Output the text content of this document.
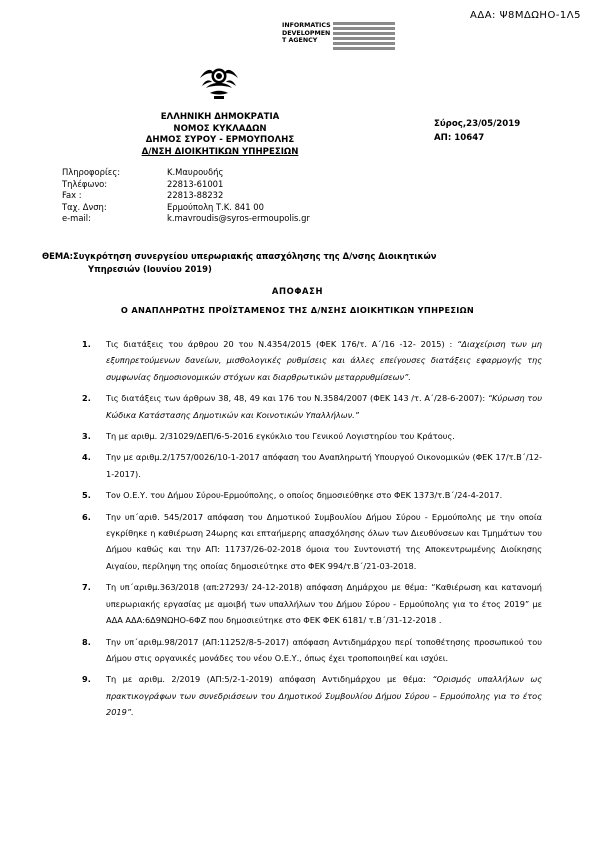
ΑΔΑ: Ψ8ΜΔΩΗΟ-1Λ5
INFORMATICS
DEVELOPMEN
T AGENCY
ΕΛΛΗΝΙΚΗ ΔΗΜΟΚΡΑΤΙΑ
ΝΟΜΟΣ ΚΥΚΛΑΔΩΝ
ΔΗΜΟΣ ΣΥΡΟΥ - ΕΡΜΟΥΠΟΛΗΣ
Δ/ΝΣΗ ΔΙΟΙΚΗΤΙΚΩΝ ΥΠΗΡΕΣΙΩΝ
Σύρος,23/05/2019
ΑΠ: 10647
Πληροφορίες:	Κ.Μαυρουδής
Τηλέφωνο:	22813-61001
Fax :	22813-88232
Ταχ. Δνση:	Ερμούπολη Τ.Κ. 841 00
e-mail:	k.mavroudis@syros-ermoupolis.gr
ΘΕΜΑ:Συγκρότηση συνεργείου υπερωριακής απασχόλησης της Δ/νσης Διοικητικών
Υπηρεσιών (Ιουνίου 2019)
ΑΠΟΦΑΣΗ
Ο ΑΝΑΠΛΗΡΩΤΗΣ ΠΡΟΪΣΤΑΜΕΝΟΣ ΤΗΣ Δ/ΝΣΗΣ ΔΙΟΙΚΗΤΙΚΩΝ ΥΠΗΡΕΣΙΩΝ
1.	Τις διατάξεις του άρθρου 20 του Ν.4354/2015 (ΦΕΚ 176/τ. Α΄/16 -12- 2015) : “Διαχείριση των μη εξυπηρετούμενων δανείων, μισθολογικές ρυθμίσεις και άλλες επείγουσες διατάξεις εφαρμογής της συμφωνίας δημοσιονομικών στόχων και διαρθρωτικών μεταρρυθμίσεων”.
2.	Τις διατάξεις των άρθρων 38, 48, 49 και 176 του Ν.3584/2007 (ΦΕΚ 143 /τ. Α΄/28-6-2007): “Κύρωση του Κώδικα Κατάστασης Δημοτικών και Κοινοτικών Υπαλλήλων.”
3.	Τη με αριθμ. 2/31029/ΔΕΠ/6-5-2016 εγκύκλιο του Γενικού Λογιστηρίου του Κράτους.
4.	Την με αριθμ.2/1757/0026/10-1-2017 απόφαση του Αναπληρωτή Υπουργού Οικονομικών (ΦΕΚ 17/τ.Β΄/12-1-2017).
5.	Τον Ο.Ε.Υ. του Δήμου Σύρου-Ερμούπολης, ο οποίος δημοσιεύθηκε στο ΦΕΚ 1373/τ.Β΄/24-4-2017.
6.	Την υπ΄αριθ. 545/2017 απόφαση του Δημοτικού Συμβουλίου Δήμου Σύρου - Ερμούπολης με την οποία εγκρίθηκε η καθιέρωση 24ωρης και επταήμερης απασχόλησης όλων των Διευθύνσεων και Τμημάτων του Δήμου καθώς και την ΑΠ: 11737/26-02-2018 όμοια του Συντονιστή της Αποκεντρωμένης Διοίκησης Αιγαίου, περίληψη της οποίας δημοσιεύτηκε στο ΦΕΚ 994/τ.Β΄/21-03-2018.
7.	Τη υπ΄αριθμ.363/2018 (απ:27293/ 24-12-2018) απόφαση Δημάρχου με θέμα: “Καθιέρωση και κατανομή υπερωριακής εργασίας με αμοιβή των υπαλλήλων του Δήμου Σύρου - Ερμούπολης για το έτος 2019” με ΑΔΑ ΑΔΑ:6Δ9ΝΩΗΟ-6ΦΖ που δημοσιεύτηκε στο ΦΕΚ ΦΕΚ 6181/ τ.Β΄/31-12-2018 .
8.	Την υπ΄αριθμ.98/2017 (ΑΠ:11252/8-5-2017) απόφαση Αντιδημάρχου περί τοποθέτησης προσωπικού του Δήμου στις οργανικές μονάδες του νέου Ο.Ε.Υ., όπως έχει τροποποιηθεί και ισχύει.
9.	Τη με αριθμ. 2/2019 (ΑΠ:5/2-1-2019) απόφαση Αντιδημάρχου με θέμα: “Ορισμός υπαλλήλων ως πρακτικογράφων των συνεδριάσεων του Δημοτικού Συμβουλίου Δήμου Σύρου – Ερμούπολης για το έτος 2019”.
